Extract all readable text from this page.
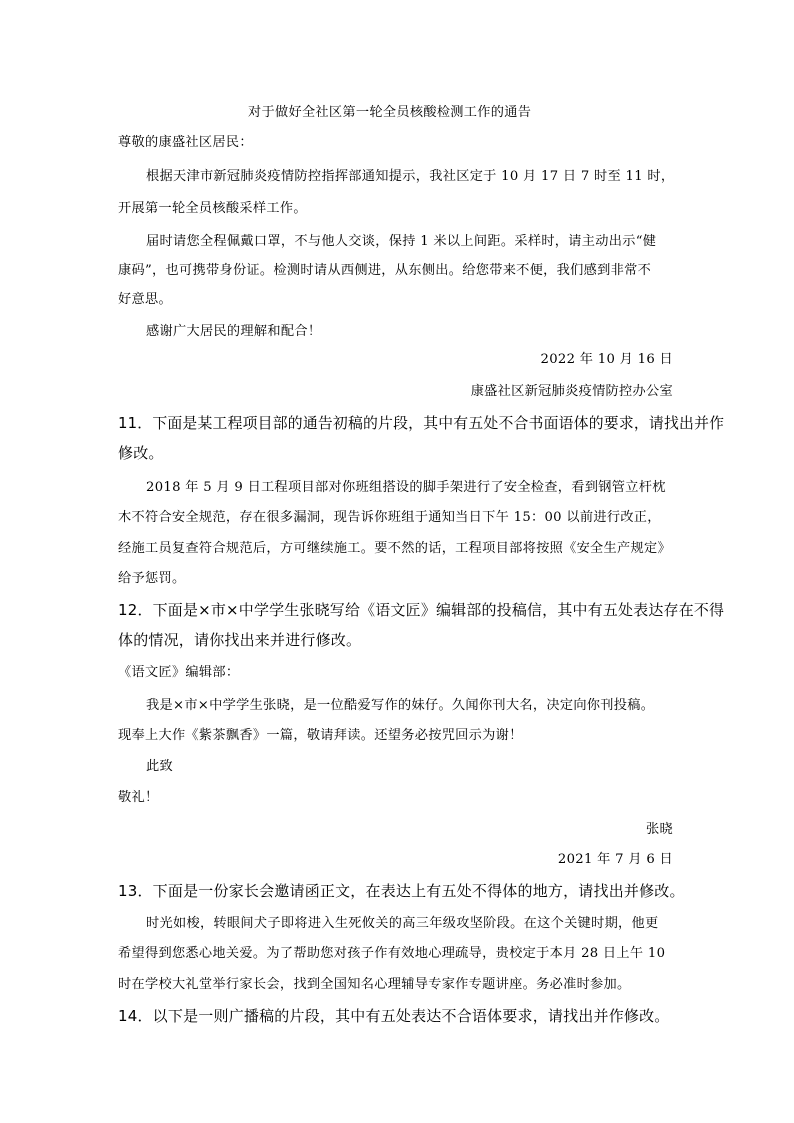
对于做好全社区第一轮全员核酸检测工作的通告
尊敬的康盛社区居民：
根据天津市新冠肺炎疫情防控指挥部通知提示，我社区定于 10 月 17 日 7 时至 11 时，
开展第一轮全员核酸采样工作。
届时请您全程佩戴口罩，不与他人交谈，保持 1 米以上间距。采样时，请主动出示“健
康码”，也可携带身份证。检测时请从西侧进，从东侧出。给您带来不便，我们感到非常不
好意思。
感谢广大居民的理解和配合！
2022 年 10 月 16 日
康盛社区新冠肺炎疫情防控办公室
11．下面是某工程项目部的通告初稿的片段，其中有五处不合书面语体的要求，请找出并作
修改。
2018 年 5 月 9 日工程项目部对你班组搭设的脚手架进行了安全检查，看到钢管立杆枕
木不符合安全规范，存在很多漏洞，现告诉你班组于通知当日下午 15：00 以前进行改正，
经施工员复查符合规范后，方可继续施工。要不然的话，工程项目部将按照《安全生产规定》
给予惩罚。
12．下面是×市×中学学生张晓写给《语文匠》编辑部的投稿信，其中有五处表达存在不得
体的情况，请你找出来并进行修改。
《语文匠》编辑部：
我是×市×中学学生张晓，是一位酷爱写作的妹仔。久闻你刊大名，决定向你刊投稿。
现奉上大作《紫茶飘香》一篇，敬请拜读。还望务必按咒回示为谢！
此致
敬礼！
张晓
2021 年 7 月 6 日
13．下面是一份家长会邀请函正文，在表达上有五处不得体的地方，请找出并修改。
时光如梭，转眼间犬子即将进入生死攸关的高三年级攻坚阶段。在这个关键时期，他更
希望得到您悉心地关爱。为了帮助您对孩子作有效地心理疏导，贵校定于本月 28 日上午 10
时在学校大礼堂举行家长会，找到全国知名心理辅导专家作专题讲座。务必准时参加。
14．以下是一则广播稿的片段，其中有五处表达不合语体要求，请找出并作修改。
